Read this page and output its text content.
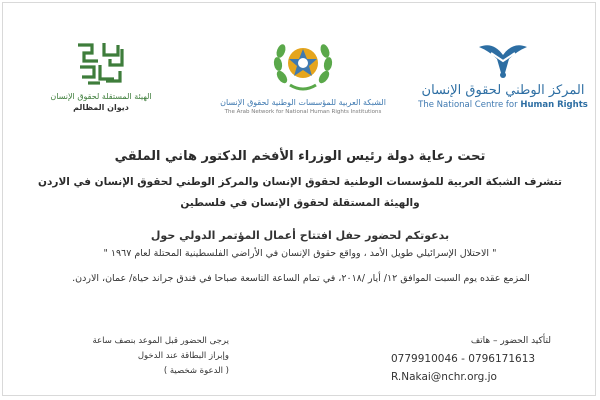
الهيئة المستقلة لحقوق الإنسان
ديوان المظالم
الشبكة العربية للمؤسسات الوطنية لحقوق الإنسان
The Arab Network for National Human Rights Institutions
المركز الوطني لحقوق الإنسان
The National Centre for Human Rights
تحت رعاية دولة رئيس الوزراء الأفخم الدكتور هاني الملقي
تتشرف الشبكة العربية للمؤسسات الوطنية لحقوق الإنسان والمركز الوطني لحقوق الإنسان في الاردن
والهيئة المستقلة لحقوق الإنسان في فلسطين
بدعوتكم لحضور حفل افتتاح أعمال المؤتمر الدولي حول
" الاحتلال الإسرائيلي طويل الأمد ، وواقع حقوق الإنسان في الأراضي الفلسطينية المحتلة لعام ١٩٦٧ "
المزمع عقده يوم السبت الموافق ١٢/ أيار /٢٠١٨، في تمام الساعة التاسعة صباحا في فندق جراند حياة/ عمان، الاردن.
يرجى الحضور قبل الموعد بنصف ساعة
وإبراز البطاقة عند الدخول
( الدعوة شخصية )
لتأكيد الحضور – هاتف
0779910046 - 0796171613
R.Nakai@nchr.org.jo
